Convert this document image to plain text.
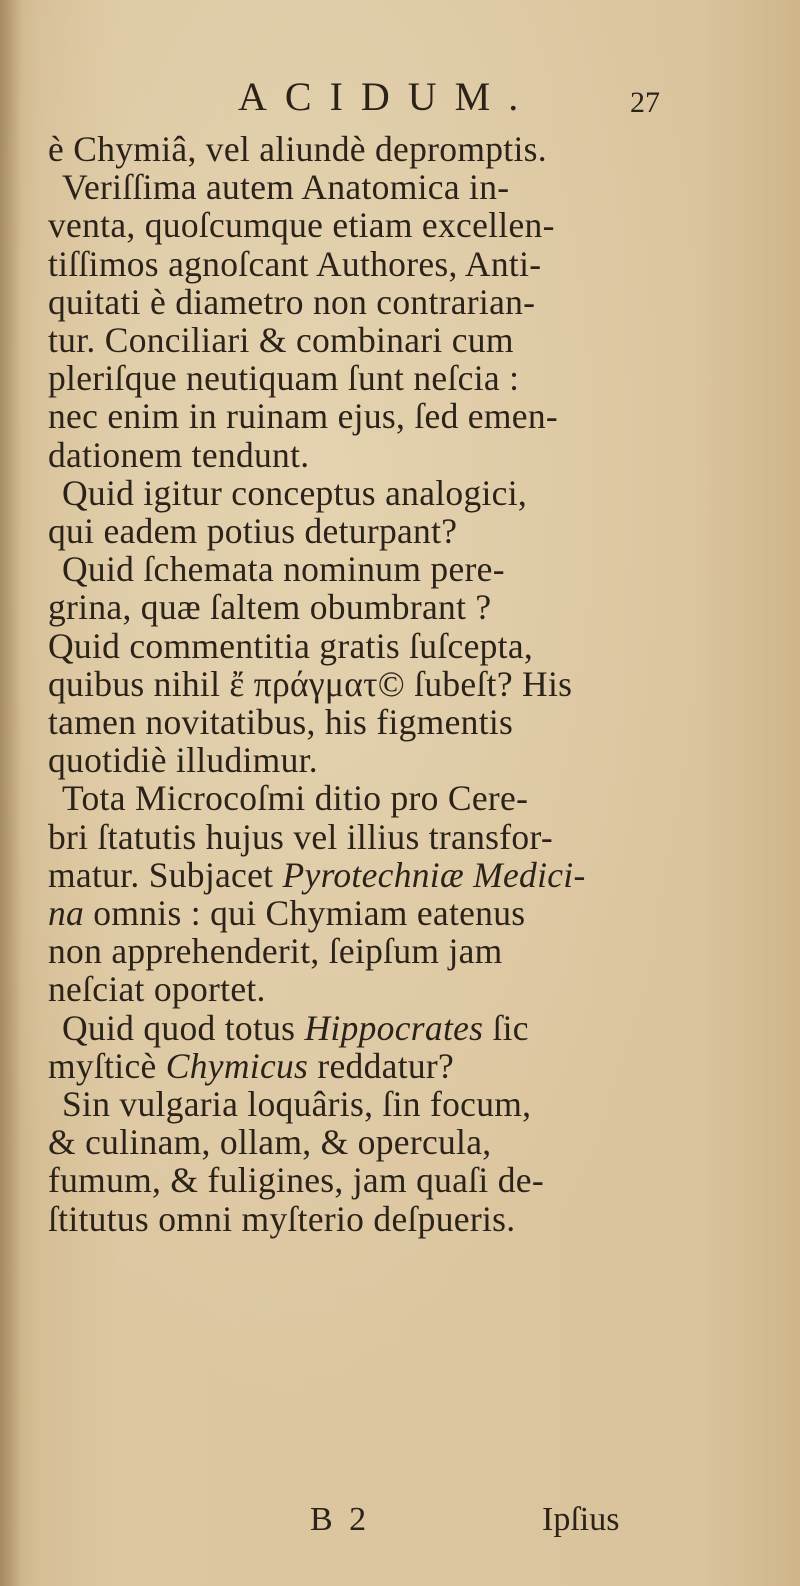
ACIDUM.	27

è Chymiâ, vel aliundè depromptis.

Veriſſima autem Anatomica in-
venta, quoſcumque etiam excellen-
tiſſimos agnoſcant Authores, Anti-
quitati è diametro non contrarian-
tur. Conciliari & combinari cum
pleriſque neutiquam ſunt neſcia :
nec enim in ruinam ejus, ſed emen-
dationem tendunt.

Quid igitur conceptus analogici,
qui eadem potius deturpant?

Quid ſchemata nominum pere-
grina, quæ ſaltem obumbrant ?
Quid commentitia gratis ſuſcepta,
quibus nihil ἔ πράγματ© ſubeſt? His
tamen novitatibus, his figmentis
quotidiè illudimur.

Tota Microcoſmi ditio pro Cere-
bri ſtatutis hujus vel illius transfor-
matur. Subjacet Pyrotechniæ Medici-
na omnis : qui Chymiam eatenus
non apprehenderit, ſeipſum jam
neſciat oportet.

Quid quod totus Hippocrates ſic
myſticè Chymicus reddatur?

Sin vulgaria loquâris, ſin focum,
& culinam, ollam, & opercula,
fumum, & fuligines, jam quaſi de-
ſtitutus omni myſterio deſpueris.

B 2	Ipſius
